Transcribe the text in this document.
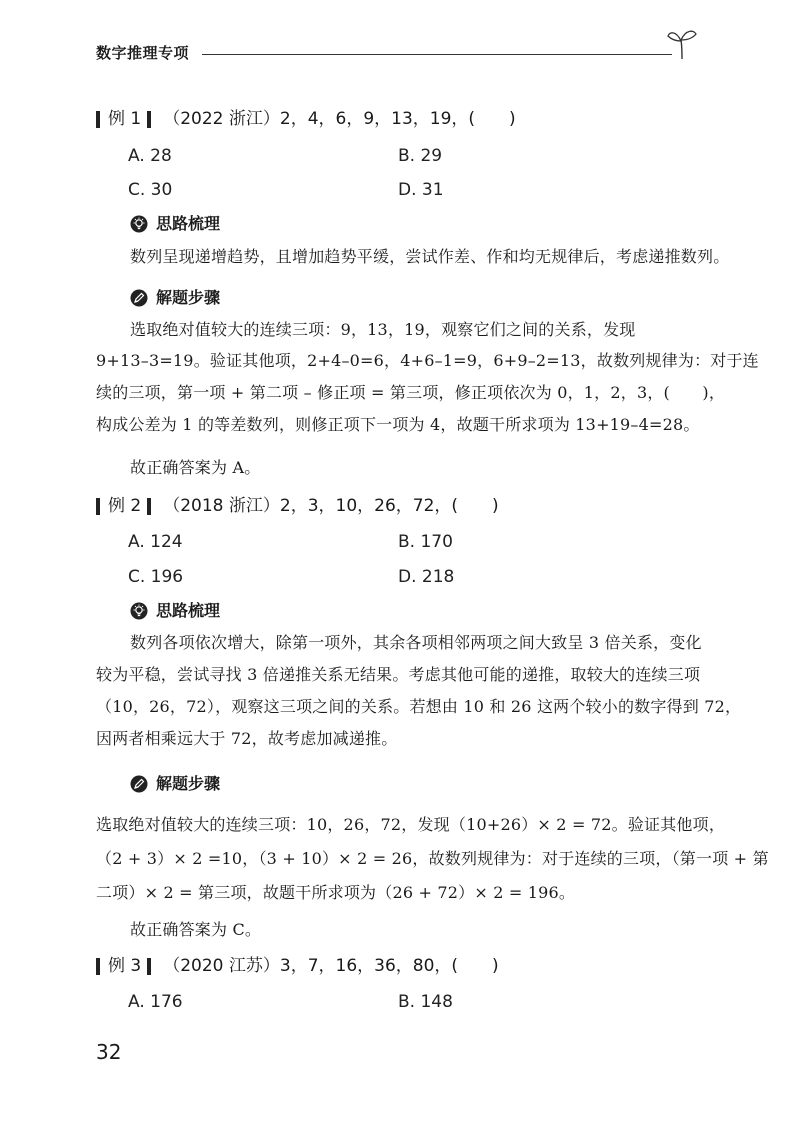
数字推理专项
例 1 （2022 浙江）2，4，6，9，13，19，(　　)
A. 28	B. 29
C. 30	D. 31
思路梳理
数列呈现递增趋势，且增加趋势平缓，尝试作差、作和均无规律后，考虑递推数列。
解题步骤
选取绝对值较大的连续三项：9，13，19，观察它们之间的关系，发现
9+13–3=19。验证其他项，2+4–0=6，4+6–1=9，6+9–2=13，故数列规律为：对于连
续的三项，第一项 + 第二项 – 修正项 = 第三项，修正项依次为 0，1，2，3，(　　)，
构成公差为 1 的等差数列，则修正项下一项为 4，故题干所求项为 13+19–4=28。
故正确答案为 A。
例 2 （2018 浙江）2，3，10，26，72，(　　)
A. 124	B. 170
C. 196	D. 218
思路梳理
数列各项依次增大，除第一项外，其余各项相邻两项之间大致呈 3 倍关系，变化
较为平稳，尝试寻找 3 倍递推关系无结果。考虑其他可能的递推，取较大的连续三项
（10，26，72），观察这三项之间的关系。若想由 10 和 26 这两个较小的数字得到 72，
因两者相乘远大于 72，故考虑加减递推。
解题步骤
选取绝对值较大的连续三项：10，26，72，发现（10+26）× 2 = 72。验证其他项，
（2 + 3）× 2 =10，（3 + 10）× 2 = 26，故数列规律为：对于连续的三项，（第一项 + 第
二项）× 2 = 第三项，故题干所求项为（26 + 72）× 2 = 196。
故正确答案为 C。
例 3 （2020 江苏）3，7，16，36，80，(　　)
A. 176	B. 148
32
